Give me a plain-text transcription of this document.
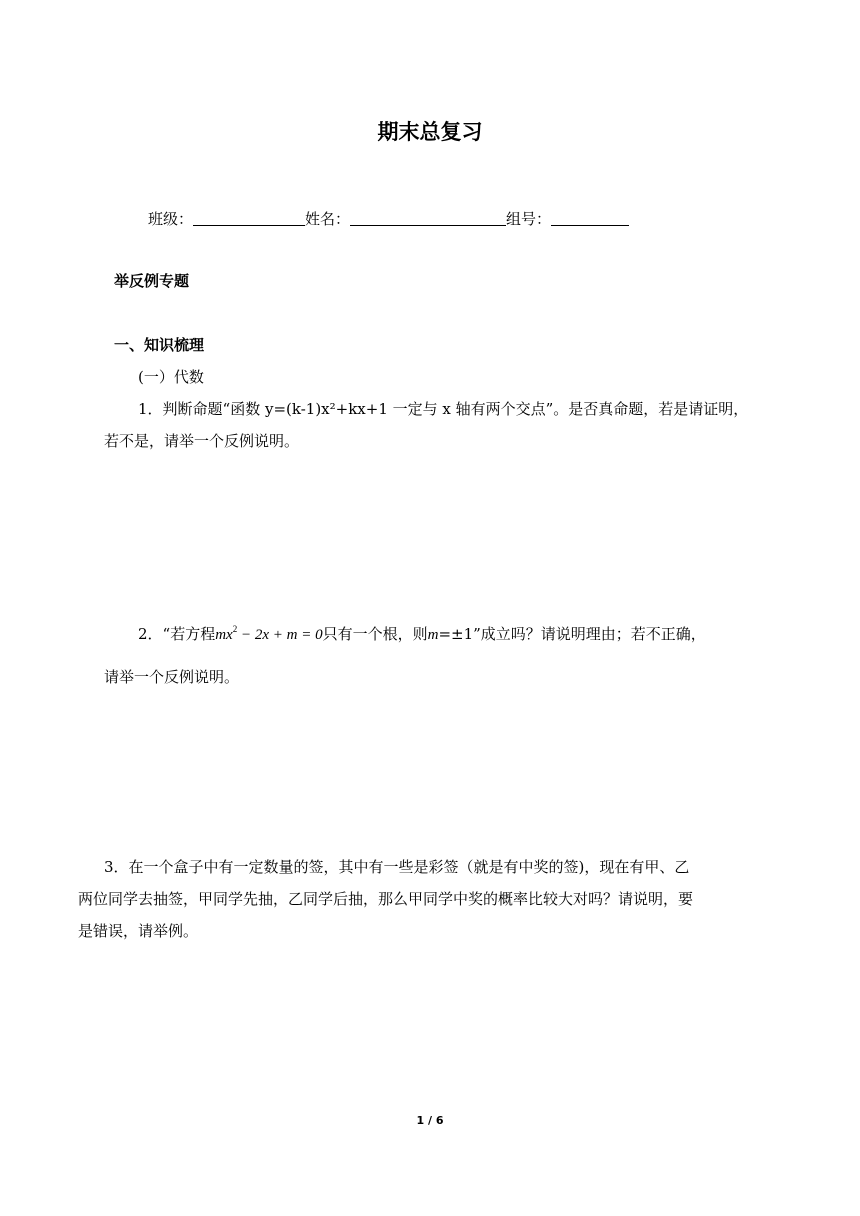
期末总复习
班级：	姓名：	组号：
举反例专题
一、知识梳理
(一）代数
1．判断命题“函数 y=(k-1)x²+kx+1 一定与 x 轴有两个交点”。是否真命题，若是请证明，
若不是，请举一个反例说明。
2．“若方程$mx^2 - 2x + m = 0$只有一个根，则m=±1”成立吗？请说明理由；若不正确，
请举一个反例说明。
3．在一个盒子中有一定数量的签，其中有一些是彩签（就是有中奖的签)，现在有甲、乙
两位同学去抽签，甲同学先抽，乙同学后抽，那么甲同学中奖的概率比较大对吗？请说明，要
是错误，请举例。
1 / 6
